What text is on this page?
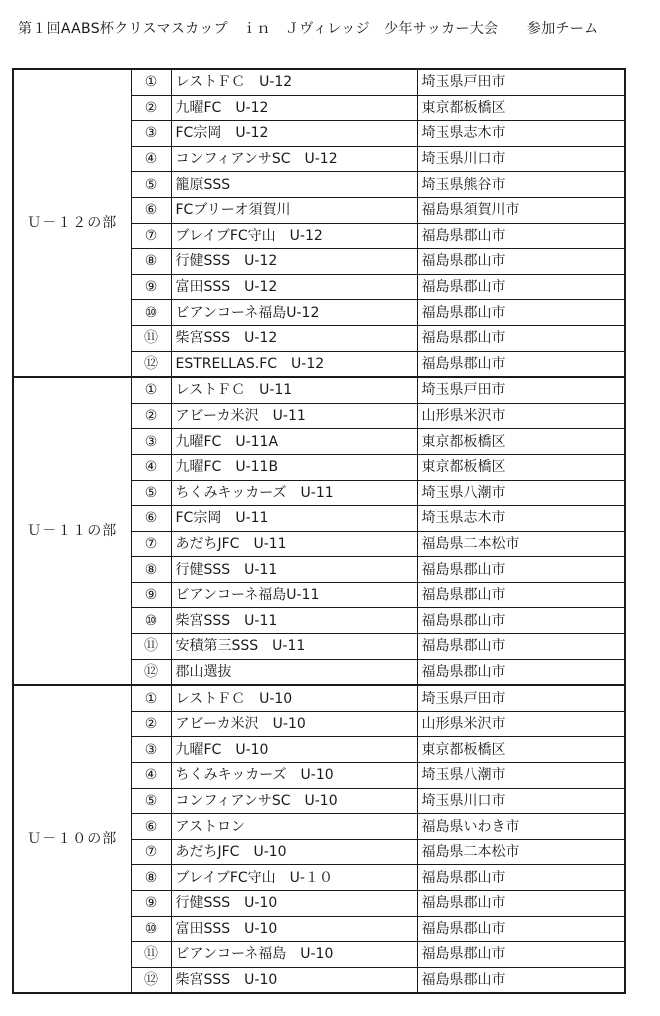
第１回AABS杯クリスマスカップ　ｉｎ　Ｊヴィレッジ　少年サッカー大会　　参加チーム
Ｕ－１２の部	①	レストＦＣ　U-12	埼玉県戸田市
	②	九曜FC　U-12	東京都板橋区
	③	FC宗岡　U-12	埼玉県志木市
	④	コンフィアンサSC　U-12	埼玉県川口市
	⑤	籠原SSS	埼玉県熊谷市
	⑥	FCブリーオ須賀川	福島県須賀川市
	⑦	ブレイブFC守山　U-12	福島県郡山市
	⑧	行健SSS　U-12	福島県郡山市
	⑨	富田SSS　U-12	福島県郡山市
	⑩	ビアンコーネ福島U-12	福島県郡山市
	⑪	柴宮SSS　U-12	福島県郡山市
	⑫	ESTRELLAS.FC　U-12	福島県郡山市
Ｕ－１１の部	①	レストＦＣ　U-11	埼玉県戸田市
	②	アビーカ米沢　U-11	山形県米沢市
	③	九曜FC　U-11A	東京都板橋区
	④	九曜FC　U-11B	東京都板橋区
	⑤	ちくみキッカーズ　U-11	埼玉県八潮市
	⑥	FC宗岡　U-11	埼玉県志木市
	⑦	あだちJFC　U-11	福島県二本松市
	⑧	行健SSS　U-11	福島県郡山市
	⑨	ビアンコーネ福島U-11	福島県郡山市
	⑩	柴宮SSS　U-11	福島県郡山市
	⑪	安積第三SSS　U-11	福島県郡山市
	⑫	郡山選抜	福島県郡山市
Ｕ－１０の部	①	レストＦＣ　U-10	埼玉県戸田市
	②	アビーカ米沢　U-10	山形県米沢市
	③	九曜FC　U-10	東京都板橋区
	④	ちくみキッカーズ　U-10	埼玉県八潮市
	⑤	コンフィアンサSC　U-10	埼玉県川口市
	⑥	アストロン	福島県いわき市
	⑦	あだちJFC　U-10	福島県二本松市
	⑧	ブレイブFC守山　U-１０	福島県郡山市
	⑨	行健SSS　U-10	福島県郡山市
	⑩	富田SSS　U-10	福島県郡山市
	⑪	ビアンコーネ福島　U-10	福島県郡山市
	⑫	柴宮SSS　U-10	福島県郡山市
